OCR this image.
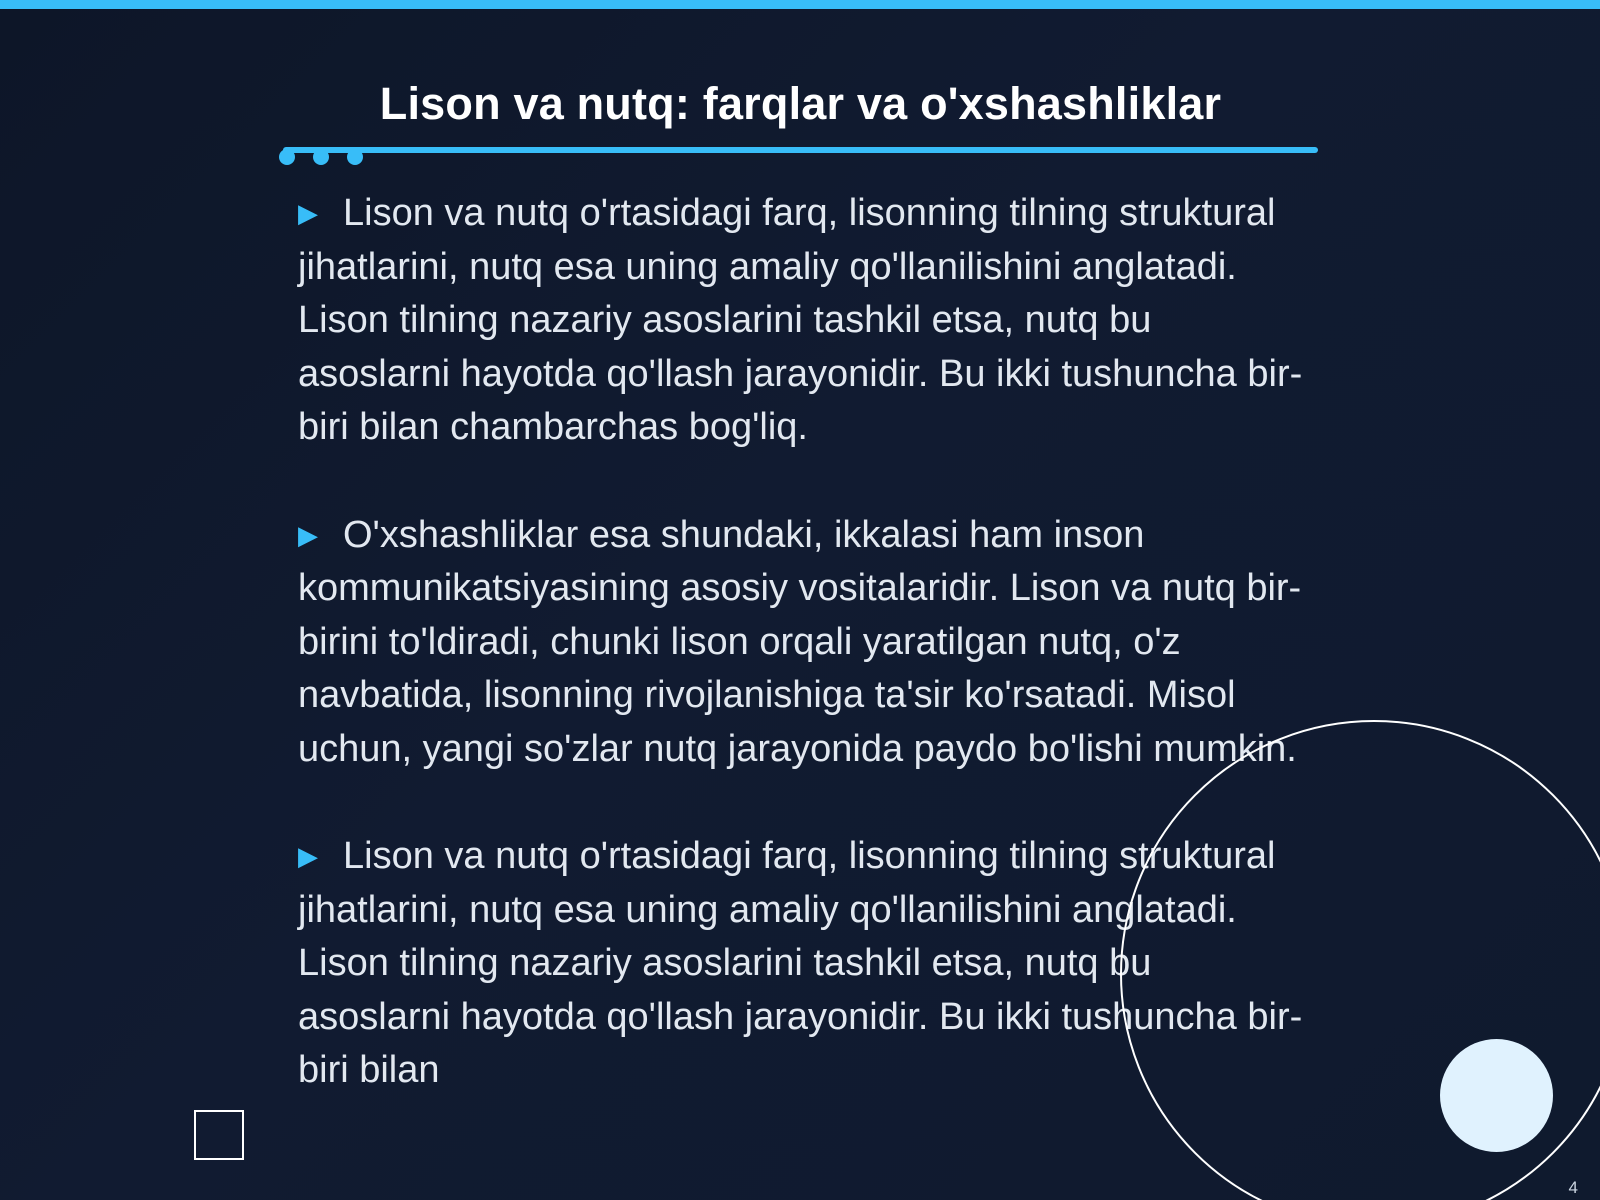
Lison va nutq: farqlar va o'xshashliklar

▶ Lison va nutq o'rtasidagi farq, lisonning tilning struktural jihatlarini, nutq esa uning amaliy qo'llanilishini anglatadi. Lison tilning nazariy asoslarini tashkil etsa, nutq bu asoslarni hayotda qo'llash jarayonidir. Bu ikki tushuncha bir-biri bilan chambarchas bog'liq.

▶ O'xshashliklar esa shundaki, ikkalasi ham inson kommunikatsiyasining asosiy vositalaridir. Lison va nutq bir-birini to'ldiradi, chunki lison orqali yaratilgan nutq, o'z navbatida, lisonning rivojlanishiga ta'sir ko'rsatadi. Misol uchun, yangi so'zlar nutq jarayonida paydo bo'lishi mumkin.

▶ Lison va nutq o'rtasidagi farq, lisonning tilning struktural jihatlarini, nutq esa uning amaliy qo'llanilishini anglatadi. Lison tilning nazariy asoslarini tashkil etsa, nutq bu asoslarni hayotda qo'llash jarayonidir. Bu ikki tushuncha bir-biri bilan

4
